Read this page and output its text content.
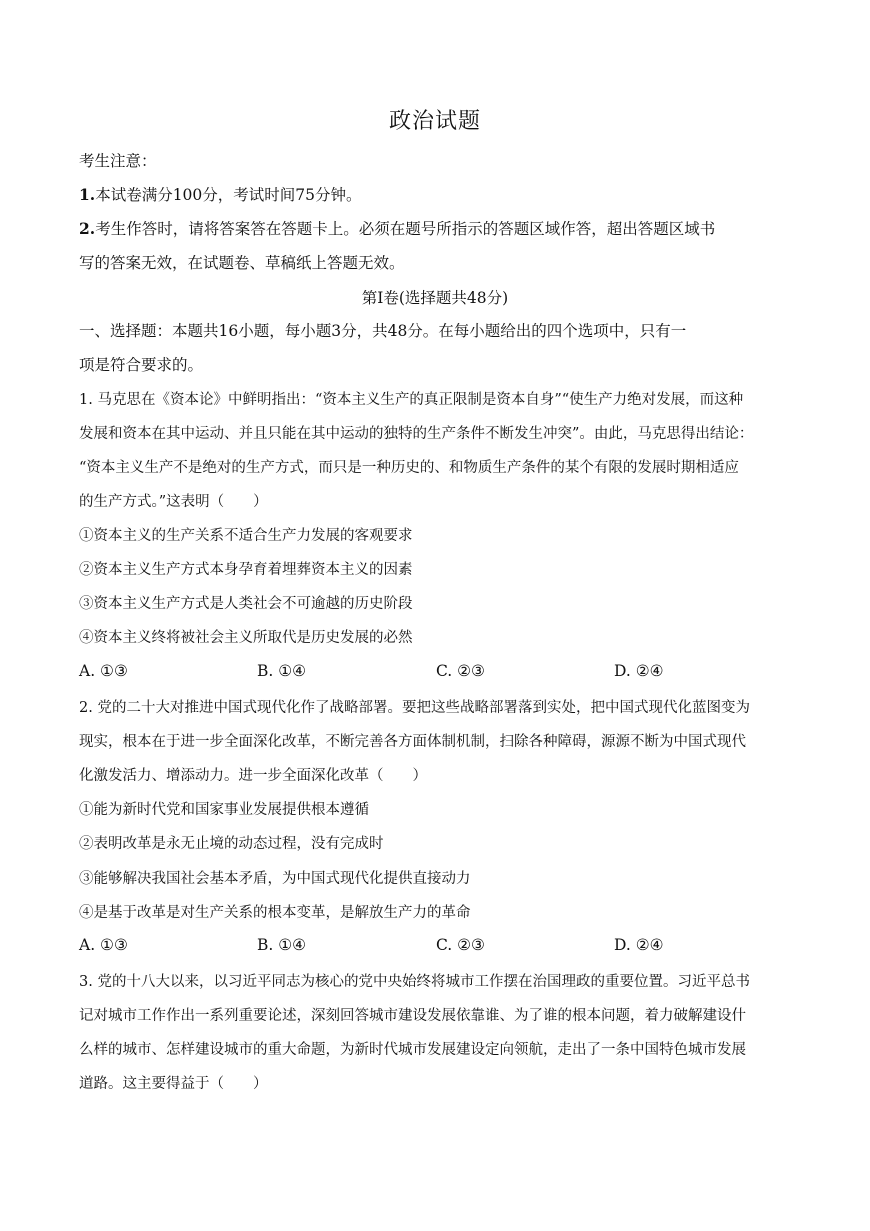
政治试题
考生注意：
1.本试卷满分100分，考试时间75分钟。
2.考生作答时，请将答案答在答题卡上。必须在题号所指示的答题区域作答，超出答题区域书
写的答案无效，在试题卷、草稿纸上答题无效。
第Ⅰ卷(选择题共48分)
一、选择题：本题共16小题，每小题3分，共48分。在每小题给出的四个选项中，只有一
项是符合要求的。
1. 马克思在《资本论》中鲜明指出：“资本主义生产的真正限制是资本自身”“使生产力绝对发展，而这种
发展和资本在其中运动、并且只能在其中运动的独特的生产条件不断发生冲突”。由此，马克思得出结论：
“资本主义生产不是绝对的生产方式，而只是一种历史的、和物质生产条件的某个有限的发展时期相适应
的生产方式。”这表明（　　）
①资本主义的生产关系不适合生产力发展的客观要求
②资本主义生产方式本身孕育着埋葬资本主义的因素
③资本主义生产方式是人类社会不可逾越的历史阶段
④资本主义终将被社会主义所取代是历史发展的必然
A. ①③	B. ①④	C. ②③	D. ②④
2. 党的二十大对推进中国式现代化作了战略部署。要把这些战略部署落到实处，把中国式现代化蓝图变为
现实，根本在于进一步全面深化改革，不断完善各方面体制机制，扫除各种障碍，源源不断为中国式现代
化激发活力、增添动力。进一步全面深化改革（　　）
①能为新时代党和国家事业发展提供根本遵循
②表明改革是永无止境的动态过程，没有完成时
③能够解决我国社会基本矛盾，为中国式现代化提供直接动力
④是基于改革是对生产关系的根本变革，是解放生产力的革命
A. ①③	B. ①④	C. ②③	D. ②④
3. 党的十八大以来，以习近平同志为核心的党中央始终将城市工作摆在治国理政的重要位置。习近平总书
记对城市工作作出一系列重要论述，深刻回答城市建设发展依靠谁、为了谁的根本问题，着力破解建设什
么样的城市、怎样建设城市的重大命题，为新时代城市发展建设定向领航，走出了一条中国特色城市发展
道路。这主要得益于（　　）
